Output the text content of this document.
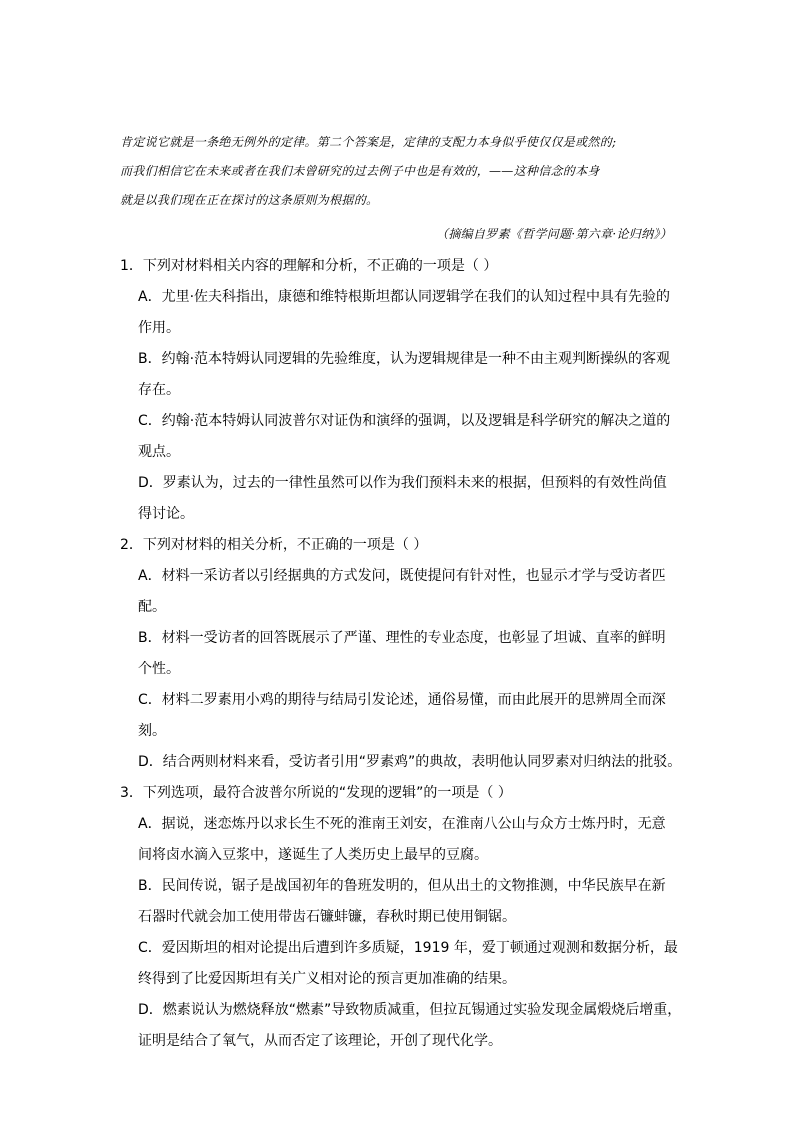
肯定说它就是一条绝无例外的定律。第二个答案是，定律的支配力本身似乎使仅仅是或然的;
而我们相信它在未来或者在我们未曾研究的过去例子中也是有效的，——这种信念的本身
就是以我们现在正在探讨的这条原则为根据的。
（摘编自罗素《哲学问题·第六章·论归纳》）
1．下列对材料相关内容的理解和分析，不正确的一项是（ ）
A．尤里·佐夫科指出，康德和维特根斯坦都认同逻辑学在我们的认知过程中具有先验的
作用。
B．约翰·范本特姆认同逻辑的先验维度，认为逻辑规律是一种不由主观判断操纵的客观
存在。
C．约翰·范本特姆认同波普尔对证伪和演绎的强调，以及逻辑是科学研究的解决之道的
观点。
D．罗素认为，过去的一律性虽然可以作为我们预料未来的根据，但预料的有效性尚值
得讨论。
2．下列对材料的相关分析，不正确的一项是（ ）
A．材料一采访者以引经据典的方式发问，既使提问有针对性，也显示才学与受访者匹
配。
B．材料一受访者的回答既展示了严谨、理性的专业态度，也彰显了坦诚、直率的鲜明
个性。
C．材料二罗素用小鸡的期待与结局引发论述，通俗易懂，而由此展开的思辨周全而深
刻。
D．结合两则材料来看，受访者引用“罗素鸡”的典故，表明他认同罗素对归纳法的批驳。
3．下列选项，最符合波普尔所说的“发现的逻辑”的一项是（ ）
A．据说，迷恋炼丹以求长生不死的淮南王刘安，在淮南八公山与众方士炼丹时，无意
间将卤水滴入豆浆中，遂诞生了人类历史上最早的豆腐。
B．民间传说，锯子是战国初年的鲁班发明的，但从出土的文物推测，中华民族早在新
石器时代就会加工使用带齿石镰蚌镰，春秋时期已使用铜锯。
C．爱因斯坦的相对论提出后遭到许多质疑，1919 年，爱丁顿通过观测和数据分析，最
终得到了比爱因斯坦有关广义相对论的预言更加准确的结果。
D．燃素说认为燃烧释放“燃素”导致物质减重，但拉瓦锡通过实验发现金属煅烧后增重，
证明是结合了氧气，从而否定了该理论，开创了现代化学。
